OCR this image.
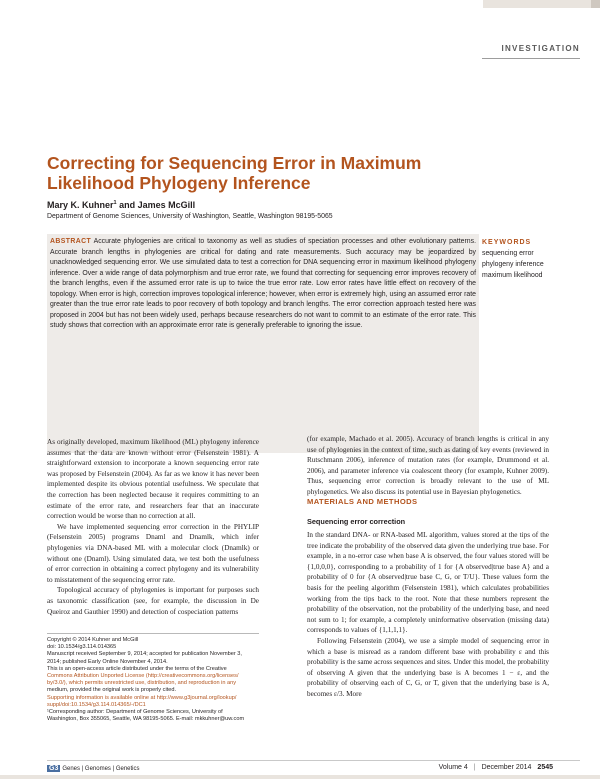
INVESTIGATION
Correcting for Sequencing Error in Maximum Likelihood Phylogeny Inference
Mary K. Kuhner$^1$ and James McGill
Department of Genome Sciences, University of Washington, Seattle, Washington 98195-5065

ABSTRACT Accurate phylogenies are critical to taxonomy as well as studies of speciation processes and other evolutionary patterns. Accurate branch lengths in phylogenies are critical for dating and rate measurements. Such accuracy may be jeopardized by unacknowledged sequencing error. We use simulated data to test a correction for DNA sequencing error in maximum likelihood phylogeny inference. Over a wide range of data polymorphism and true error rate, we found that correcting for sequencing error improves recovery of the branch lengths, even if the assumed error rate is up to twice the true error rate. Low error rates have little effect on recovery of the topology. When error is high, correction improves topological inference; however, when error is extremely high, using an assumed error rate greater than the true error rate leads to poor recovery of both topology and branch lengths. The error correction approach tested here was proposed in 2004 but has not been widely used, perhaps because researchers do not want to commit to an estimate of the error rate. This study shows that correction with an approximate error rate is generally preferable to ignoring the issue.

KEYWORDS
sequencing error
phylogeny inference
maximum likelihood

As originally developed, maximum likelihood (ML) phylogeny inference assumes that the data are known without error (Felsenstein 1981). A straightforward extension to incorporate a known sequencing error rate was proposed by Felsenstein (2004). As far as we know it has never been implemented despite its obvious potential usefulness. We speculate that the correction has been neglected because it requires committing to an estimate of the error rate, and researchers fear that an inaccurate correction would be worse than no correction at all.

We have implemented sequencing error correction in the PHYLIP (Felsenstein 2005) programs Dnaml and Dnamlk, which infer phylogenies via DNA-based ML with a molecular clock (Dnamlk) or without one (Dnaml). Using simulated data, we test both the usefulness of error correction in obtaining a correct phylogeny and its vulnerability to misstatement of the sequencing error rate.

Topological accuracy of phylogenies is important for purposes such as taxonomic classification (see, for example, the discussion in De Queiroz and Gauthier 1990) and detection of cospeciation patterns

(for example, Machado et al. 2005). Accuracy of branch lengths is critical in any use of phylogenies in the context of time, such as dating of key events (reviewed in Rutschmann 2006), inference of mutation rates (for example, Drummond et al. 2006), and parameter inference via coalescent theory (for example, Kuhner 2009). Thus, sequencing error correction is broadly relevant to the use of ML phylogenetics. We also discuss its potential use in Bayesian phylogenetics.

MATERIALS AND METHODS
Sequencing error correction

In the standard DNA- or RNA-based ML algorithm, values stored at the tips of the tree indicate the probability of the observed data given the underlying true base. For example, in a no-error case when base A is observed, the four values stored will be {1,0,0,0}, corresponding to a probability of 1 for {A observed|true base A} and a probability of 0 for {A observed|true base C, G, or T/U}. These values form the basis for the peeling algorithm (Felsenstein 1981), which calculates probabilities working from the tips back to the root. Note that these numbers represent the probability of the observation, not the probability of the underlying base, and need not sum to 1; for example, a completely uninformative observation (missing data) corresponds to values of {1,1,1,1}.

Following Felsenstein (2004), we use a simple model of sequencing error in which a base is misread as a random different base with probability ε and this probability is the same across sequences and sites. Under this model, the probability of observing A given that the underlying base is A becomes 1 − ε, and the probability of observing each of C, G, or T, given that the underlying base is A, becomes ε/3. More

Copyright © 2014 Kuhner and McGill
doi: 10.1534/g3.114.014365
Manuscript received September 9, 2014; accepted for publication November 3,
2014; published Early Online November 4, 2014.
This is an open-access article distributed under the terms of the Creative
Commons Attribution Unported License (http://creativecommons.org/licenses/
by/3.0/), which permits unrestricted use, distribution, and reproduction in any
medium, provided the original work is properly cited.
Supporting information is available online at http://www.g3journal.org/lookup/
suppl/doi:10.1534/g3.114.014365/-/DC1
¹Corresponding author: Department of Genome Sciences, University of
Washington, Box 355065, Seattle, WA 98195-5065. E-mail: mkkuhner@uw.com
G3 Genes | Genomes | Genetics	Volume 4 | December 2014 2545
